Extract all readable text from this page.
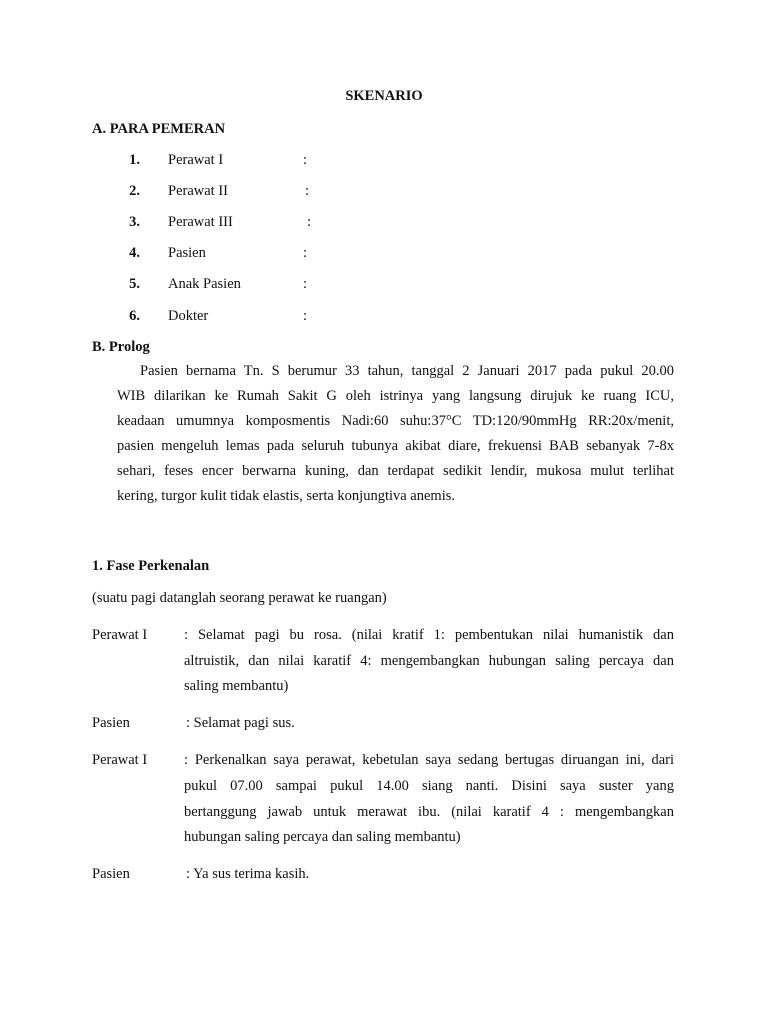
SKENARIO
A. PARA PEMERAN
1. Perawat I	:
2. Perawat II	:
3. Perawat III	:
4. Pasien	:
5. Anak Pasien	:
6. Dokter	:
B. Prolog
Pasien bernama Tn. S berumur 33 tahun, tanggal 2 Januari 2017 pada pukul 20.00
WIB dilarikan ke Rumah Sakit G oleh istrinya yang langsung dirujuk ke ruang ICU,
keadaan umumnya komposmentis Nadi:60 suhu:37°C TD:120/90mmHg RR:20x/menit,
pasien mengeluh lemas pada seluruh tubunya akibat diare, frekuensi BAB sebanyak 7-8x
sehari, feses encer berwarna kuning, dan terdapat sedikit lendir, mukosa mulut terlihat
kering, turgor kulit tidak elastis, serta konjungtiva anemis.
1. Fase Perkenalan
(suatu pagi datanglah seorang perawat ke ruangan)
Perawat I	: Selamat pagi bu rosa. (nilai kratif 1: pembentukan nilai humanistik dan
altruistik, dan nilai karatif 4: mengembangkan hubungan saling percaya dan
saling membantu)
Pasien	: Selamat pagi sus.
Perawat I	: Perkenalkan saya perawat, kebetulan saya sedang bertugas diruangan ini, dari
pukul 07.00 sampai pukul 14.00 siang nanti. Disini saya suster yang
bertanggung jawab untuk merawat ibu. (nilai karatif 4 : mengembangkan
hubungan saling percaya dan saling membantu)
Pasien	: Ya sus terima kasih.
